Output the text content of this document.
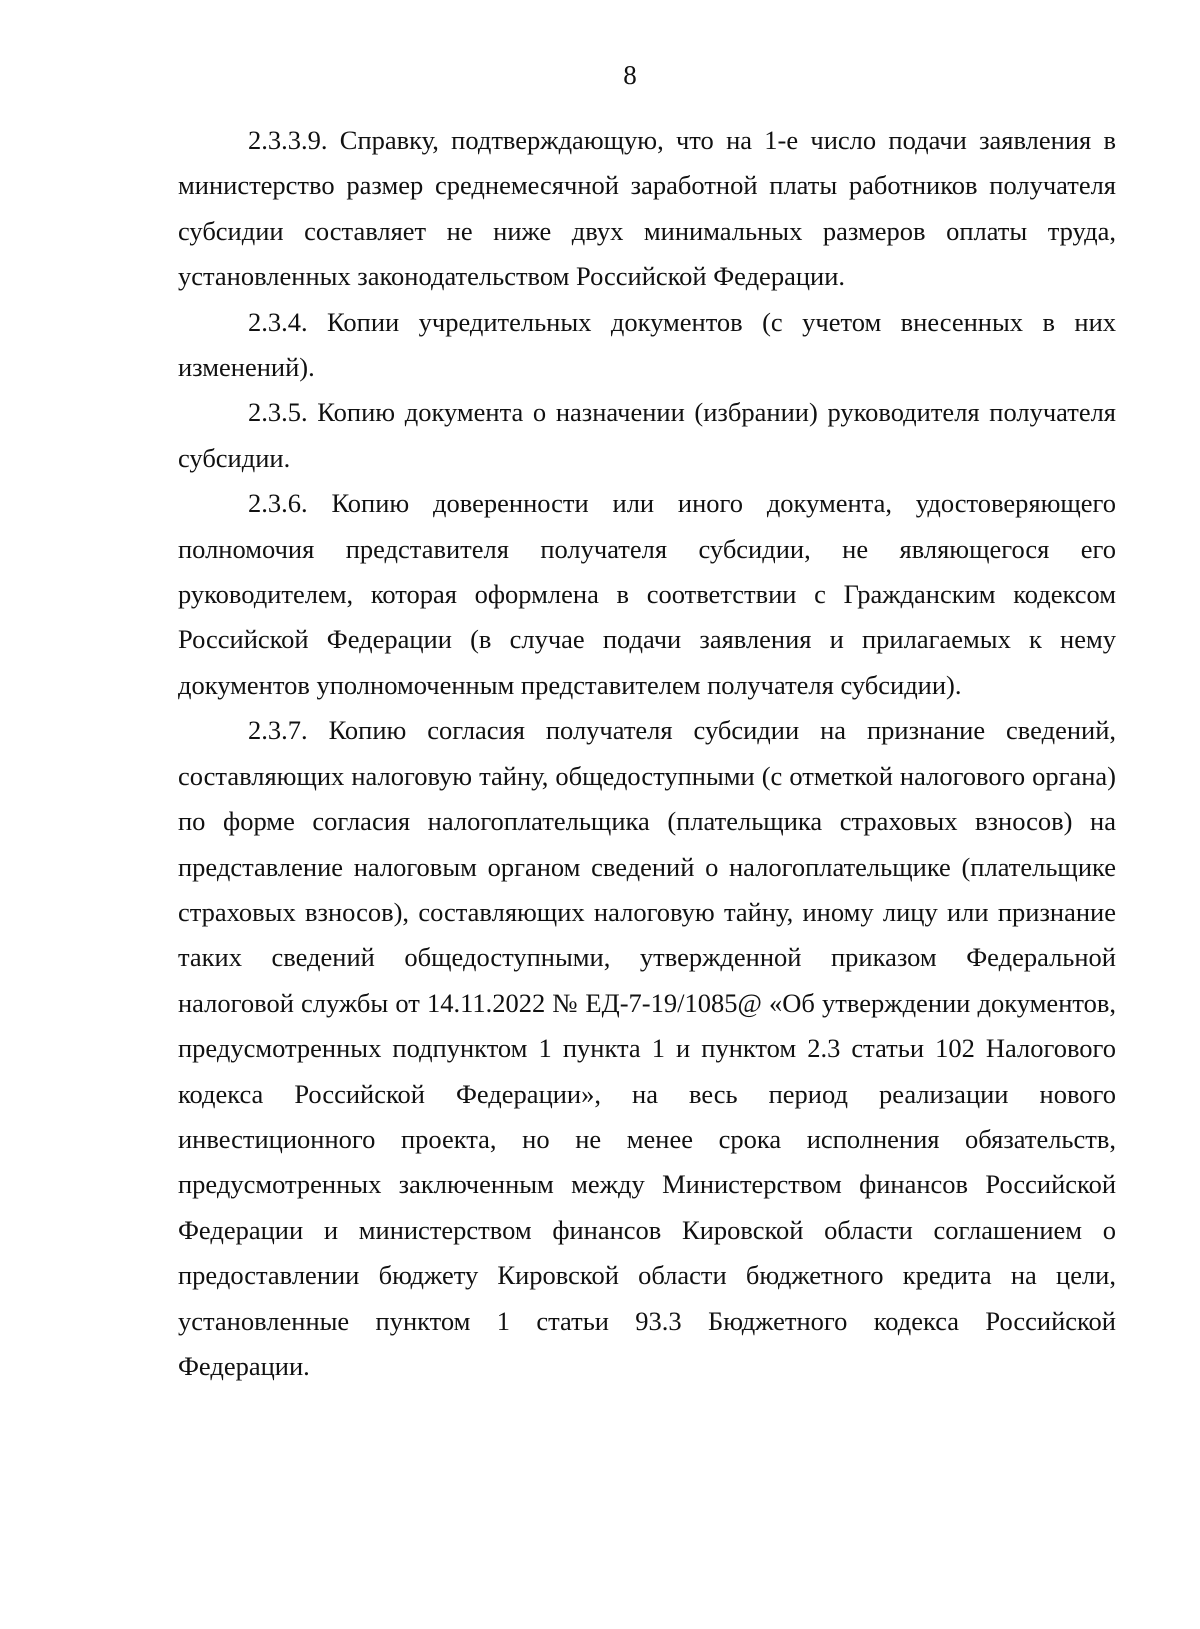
8

2.3.3.9. Справку, подтверждающую, что на 1-е число подачи заявления в министерство размер среднемесячной заработной платы работников получателя субсидии составляет не ниже двух минимальных размеров оплаты труда, установленных законодательством Российской Федерации.

2.3.4. Копии учредительных документов (с учетом внесенных в них изменений).

2.3.5. Копию документа о назначении (избрании) руководителя получателя субсидии.

2.3.6. Копию доверенности или иного документа, удостоверяющего полномочия представителя получателя субсидии, не являющегося его руководителем, которая оформлена в соответствии с Гражданским кодексом Российской Федерации (в случае подачи заявления и прилагаемых к нему документов уполномоченным представителем получателя субсидии).

2.3.7. Копию согласия получателя субсидии на признание сведений, составляющих налоговую тайну, общедоступными (с отметкой налогового органа) по форме согласия налогоплательщика (плательщика страховых взносов) на представление налоговым органом сведений о налогоплательщике (плательщике страховых взносов), составляющих налоговую тайну, иному лицу или признание таких сведений общедоступными, утвержденной приказом Федеральной налоговой службы от 14.11.2022 № ЕД-7-19/1085@ «Об утверждении документов, предусмотренных подпунктом 1 пункта 1 и пунктом 2.3 статьи 102 Налогового кодекса Российской Федерации», на весь период реализации нового инвестиционного проекта, но не менее срока исполнения обязательств, предусмотренных заключенным между Министерством финансов Российской Федерации и министерством финансов Кировской области соглашением о предоставлении бюджету Кировской области бюджетного кредита на цели, установленные пунктом 1 статьи 93.3 Бюджетного кодекса Российской Федерации.
